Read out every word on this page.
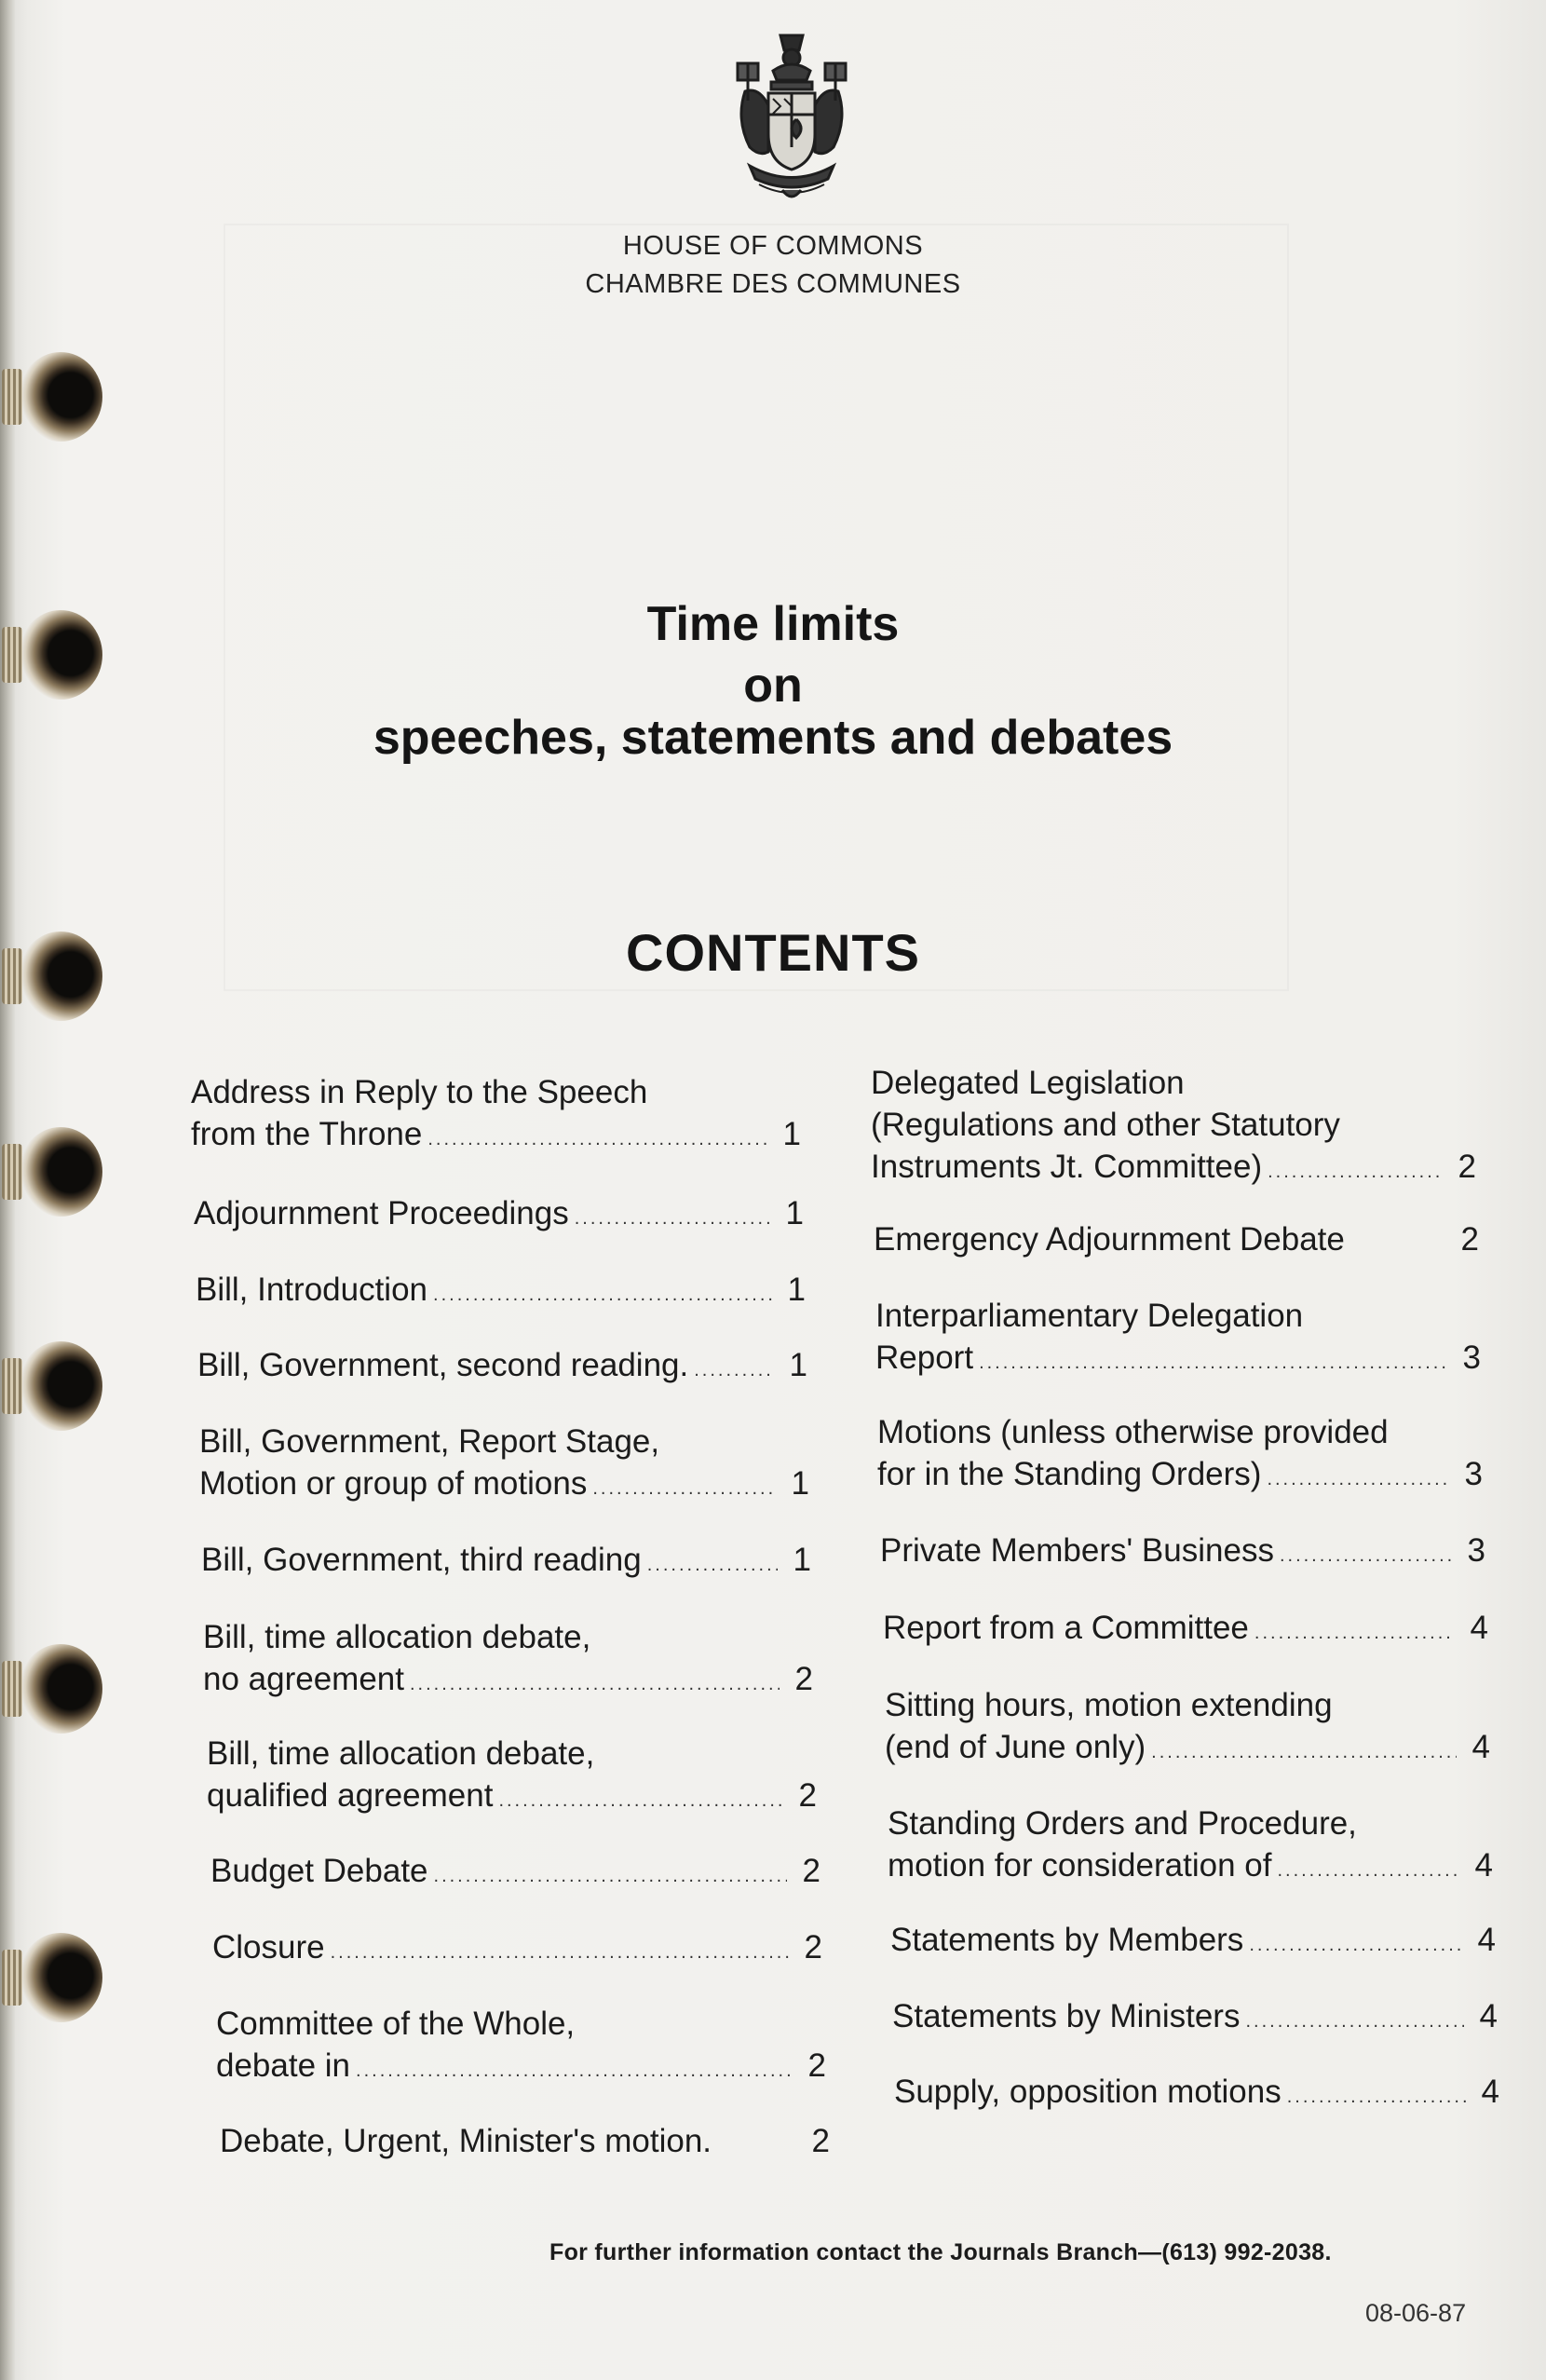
HOUSE OF COMMONS
CHAMBRE DES COMMUNES
Time limits
on
speeches, statements and debates
CONTENTS
Address in Reply to the Speech
from the Throne .....	1
Adjournment Proceedings .....	1
Bill, Introduction .....	1
Bill, Government, second reading. .....	1
Bill, Government, Report Stage,
Motion or group of motions .....	1
Bill, Government, third reading .....	1
Bill, time allocation debate,
no agreement .....	2
Bill, time allocation debate,
qualified agreement .....	2
Budget Debate .....	2
Closure .....	2
Committee of the Whole,
debate in .....	2
Debate, Urgent, Minister's motion.	2
Delegated Legislation
(Regulations and other Statutory
Instruments Jt. Committee) .....	2
Emergency Adjournment Debate	2
Interparliamentary Delegation
Report .....	3
Motions (unless otherwise provided
for in the Standing Orders) .....	3
Private Members' Business .....	3
Report from a Committee .....	4
Sitting hours, motion extending
(end of June only) .....	4
Standing Orders and Procedure,
motion for consideration of .....	4
Statements by Members .....	4
Statements by Ministers .....	4
Supply, opposition motions .....	4
For further information contact the Journals Branch—(613) 992-2038.
08-06-87
